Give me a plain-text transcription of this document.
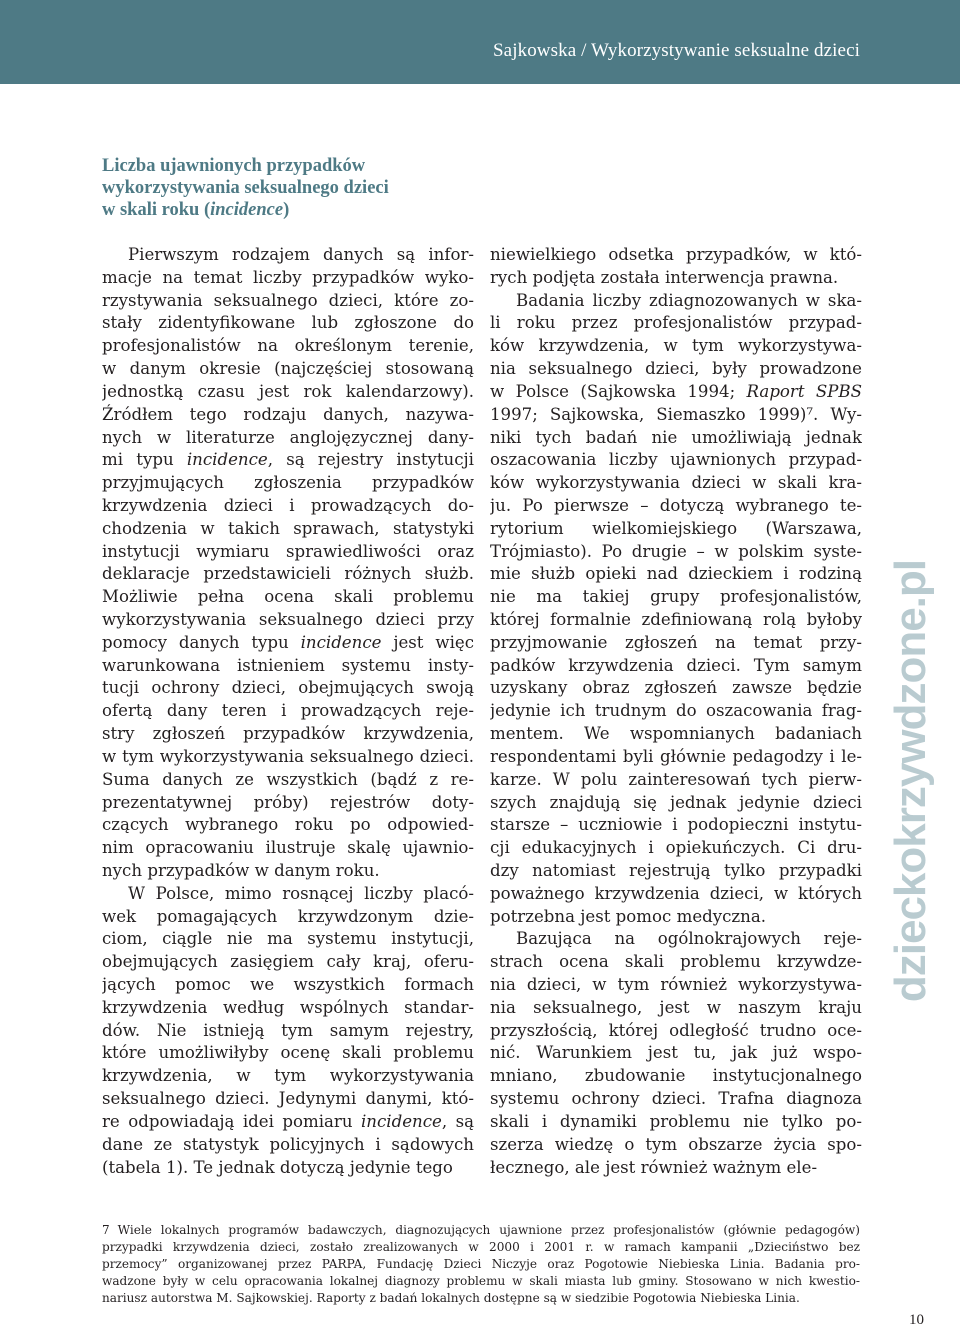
Sajkowska / Wykorzystywanie seksualne dzieci
Liczba ujawnionych przypadków
wykorzystywania seksualnego dzieci
w skali roku (incidence)
Pierwszym rodzajem danych są infor-
macje na temat liczby przypadków wyko-
rzystywania seksualnego dzieci, które zo-
stały zidentyfikowane lub zgłoszone do
profesjonalistów na określonym terenie,
w danym okresie (najczęściej stosowaną
jednostką czasu jest rok kalendarzowy).
Źródłem tego rodzaju danych, nazywa-
nych w literaturze anglojęzycznej dany-
mi typu incidence, są rejestry instytucji
przyjmujących zgłoszenia przypadków
krzywdzenia dzieci i prowadzących do-
chodzenia w takich sprawach, statystyki
instytucji wymiaru sprawiedliwości oraz
deklaracje przedstawicieli różnych służb.
Możliwie pełna ocena skali problemu
wykorzystywania seksualnego dzieci przy
pomocy danych typu incidence jest więc
warunkowana istnieniem systemu insty-
tucji ochrony dzieci, obejmujących swoją
ofertą dany teren i prowadzących reje-
stry zgłoszeń przypadków krzywdzenia,
w tym wykorzystywania seksualnego dzieci.
Suma danych ze wszystkich (bądź z re-
prezentatywnej próby) rejestrów doty-
czących wybranego roku po odpowied-
nim opracowaniu ilustruje skalę ujawnio-
nych przypadków w danym roku.
W Polsce, mimo rosnącej liczby placó-
wek pomagających krzywdzonym dzie-
ciom, ciągle nie ma systemu instytucji,
obejmujących zasięgiem cały kraj, oferu-
jących pomoc we wszystkich formach
krzywdzenia według wspólnych standar-
dów. Nie istnieją tym samym rejestry,
które umożliwiłyby ocenę skali problemu
krzywdzenia, w tym wykorzystywania
seksualnego dzieci. Jedynymi danymi, któ-
re odpowiadają idei pomiaru incidence, są
dane ze statystyk policyjnych i sądowych
(tabela 1). Te jednak dotyczą jedynie tego
niewielkiego odsetka przypadków, w któ-
rych podjęta została interwencja prawna.
Badania liczby zdiagnozowanych w ska-
li roku przez profesjonalistów przypad-
ków krzywdzenia, w tym wykorzystywa-
nia seksualnego dzieci, były prowadzone
w Polsce (Sajkowska 1994; Raport SPBS
1997; Sajkowska, Siemaszko 1999)⁷. Wy-
niki tych badań nie umożliwiają jednak
oszacowania liczby ujawnionych przypad-
ków wykorzystywania dzieci w skali kra-
ju. Po pierwsze – dotyczą wybranego te-
rytorium wielkomiejskiego (Warszawa,
Trójmiasto). Po drugie – w polskim syste-
mie służb opieki nad dzieckiem i rodziną
nie ma takiej grupy profesjonalistów,
której formalnie zdefiniowaną rolą byłoby
przyjmowanie zgłoszeń na temat przy-
padków krzywdzenia dzieci. Tym samym
uzyskany obraz zgłoszeń zawsze będzie
jedynie ich trudnym do oszacowania frag-
mentem. We wspomnianych badaniach
respondentami byli głównie pedagodzy i le-
karze. W polu zainteresowań tych pierw-
szych znajdują się jednak jedynie dzieci
starsze – uczniowie i podopieczni instytu-
cji edukacyjnych i opiekuńczych. Ci dru-
dzy natomiast rejestrują tylko przypadki
poważnego krzywdzenia dzieci, w których
potrzebna jest pomoc medyczna.
Bazująca na ogólnokrajowych reje-
strach ocena skali problemu krzywdze-
nia dzieci, w tym również wykorzystywa-
nia seksualnego, jest w naszym kraju
przyszłością, której odległość trudno oce-
nić. Warunkiem jest tu, jak już wspo-
mniano, zbudowanie instytucjonalnego
systemu ochrony dzieci. Trafna diagnoza
skali i dynamiki problemu nie tylko po-
szerza wiedzę o tym obszarze życia spo-
łecznego, ale jest również ważnym ele-
dzieckokrzywdzone.pl
7 Wiele lokalnych programów badawczych, diagnozujących ujawnione przez profesjonalistów (głównie pedagogów)
przypadki krzywdzenia dzieci, zostało zrealizowanych w 2000 i 2001 r. w ramach kampanii „Dzieciństwo bez
przemocy” organizowanej przez PARPA, Fundację Dzieci Niczyje oraz Pogotowie Niebieska Linia. Badania pro-
wadzone były w celu opracowania lokalnej diagnozy problemu w skali miasta lub gminy. Stosowano w nich kwestio-
nariusz autorstwa M. Sajkowskiej. Raporty z badań lokalnych dostępne są w siedzibie Pogotowia Niebieska Linia.
10
